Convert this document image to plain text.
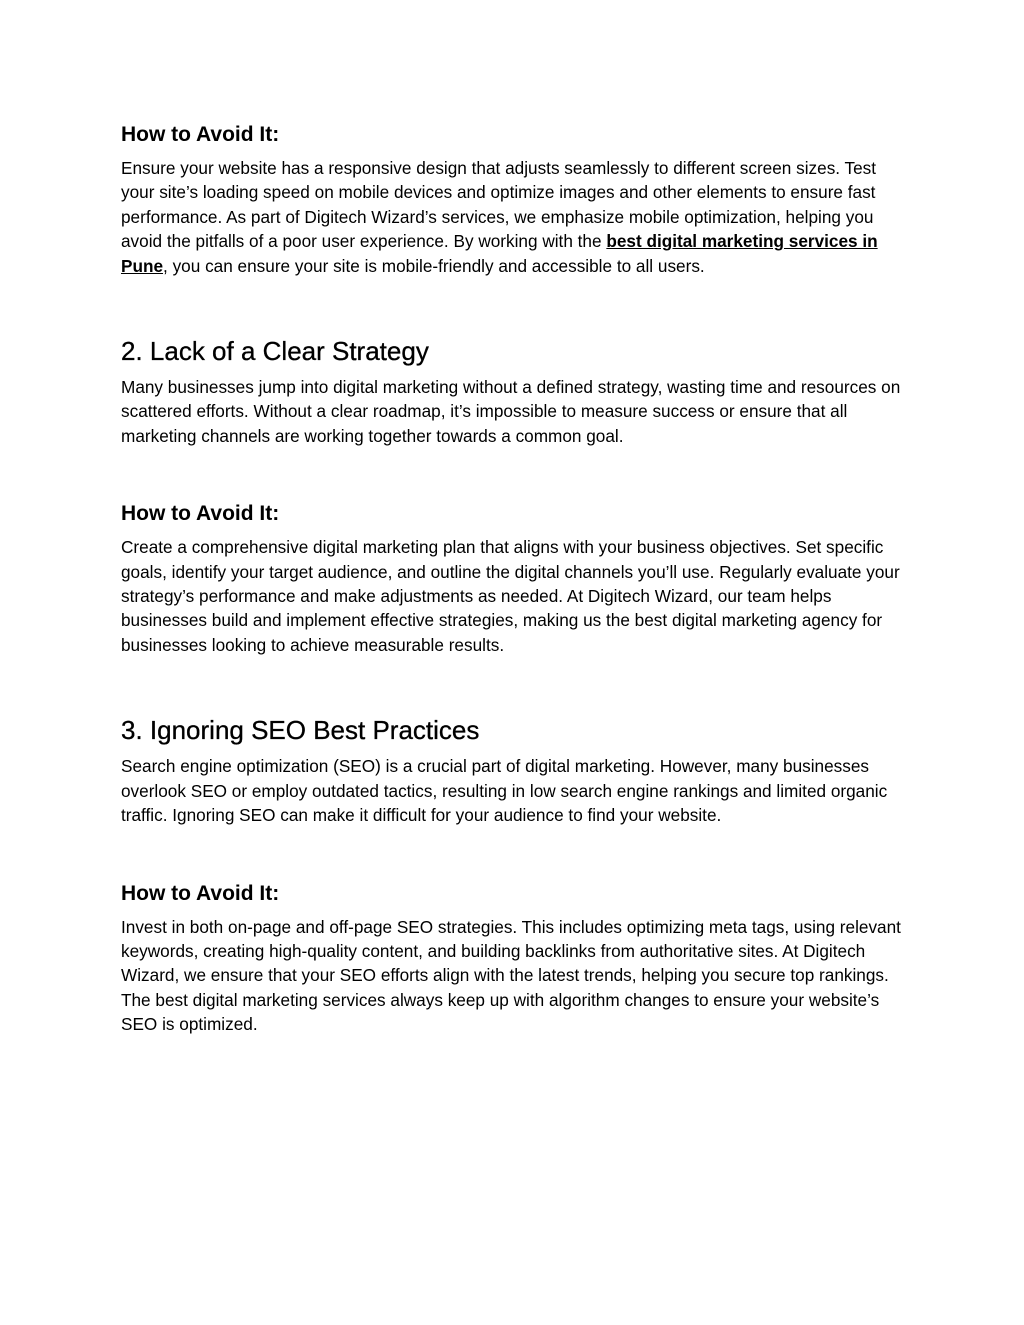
How to Avoid It:

Ensure your website has a responsive design that adjusts seamlessly to different screen sizes. Test your site’s loading speed on mobile devices and optimize images and other elements to ensure fast performance. As part of Digitech Wizard’s services, we emphasize mobile optimization, helping you avoid the pitfalls of a poor user experience. By working with the best digital marketing services in Pune, you can ensure your site is mobile-friendly and accessible to all users.

2. Lack of a Clear Strategy

Many businesses jump into digital marketing without a defined strategy, wasting time and resources on scattered efforts. Without a clear roadmap, it’s impossible to measure success or ensure that all marketing channels are working together towards a common goal.

How to Avoid It:

Create a comprehensive digital marketing plan that aligns with your business objectives. Set specific goals, identify your target audience, and outline the digital channels you’ll use. Regularly evaluate your strategy’s performance and make adjustments as needed. At Digitech Wizard, our team helps businesses build and implement effective strategies, making us the best digital marketing agency for businesses looking to achieve measurable results.

3. Ignoring SEO Best Practices

Search engine optimization (SEO) is a crucial part of digital marketing. However, many businesses overlook SEO or employ outdated tactics, resulting in low search engine rankings and limited organic traffic. Ignoring SEO can make it difficult for your audience to find your website.

How to Avoid It:

Invest in both on-page and off-page SEO strategies. This includes optimizing meta tags, using relevant keywords, creating high-quality content, and building backlinks from authoritative sites. At Digitech Wizard, we ensure that your SEO efforts align with the latest trends, helping you secure top rankings. The best digital marketing services always keep up with algorithm changes to ensure your website’s SEO is optimized.
